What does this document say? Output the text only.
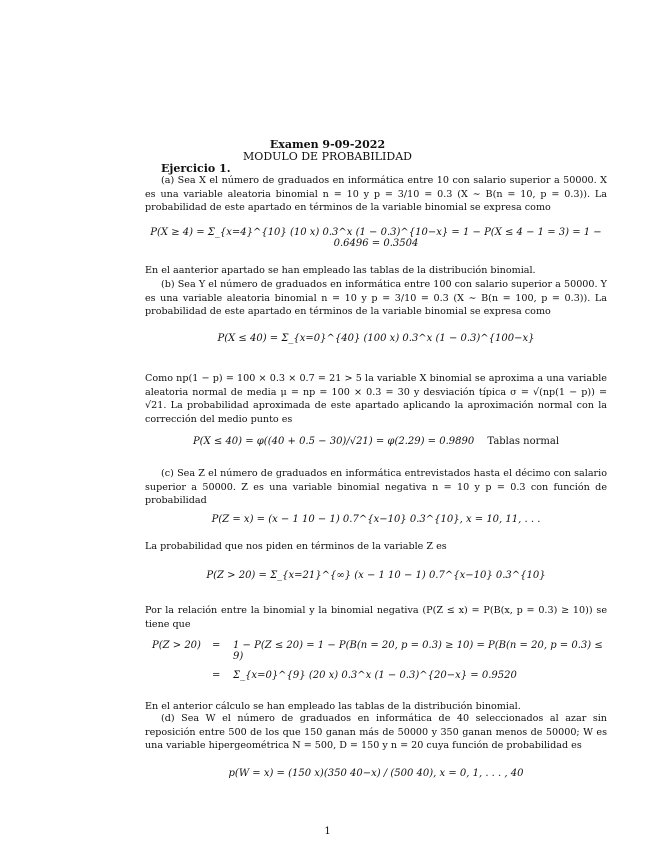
Examen 9-09-2022
MODULO DE PROBABILIDAD
Ejercicio 1.
(a) Sea X el número de graduados en informática entre 10 con salario superior a 50000. X es una variable aleatoria binomial n = 10 y p = 3/10 = 0.3 (X ∼ B(n = 10, p = 0.3)). La probabilidad de este apartado en términos de la variable binomial se expresa como
P(X ≥ 4) = Σ_{x=4}^{10} (10 x) 0.3^x (1 − 0.3)^{10−x} = 1 − P(X ≤ 4 − 1 = 3) = 1 − 0.6496 = 0.3504
En el aanterior apartado se han empleado las tablas de la distribución binomial.
(b) Sea Y el número de graduados en informática entre 100 con salario superior a 50000. Y es una variable aleatoria binomial n = 10 y p = 3/10 = 0.3 (X ∼ B(n = 100, p = 0.3)). La probabilidad de este apartado en términos de la variable binomial se expresa como
P(X ≤ 40) = Σ_{x=0}^{40} (100 x) 0.3^x (1 − 0.3)^{100−x}
Como np(1 − p) = 100 × 0.3 × 0.7 = 21 > 5 la variable X binomial se aproxima a una variable aleatoria normal de media μ = np = 100 × 0.3 = 30 y desviación típica σ = √(np(1 − p)) = √21. La probabilidad aproximada de este apartado aplicando la aproximación normal con la corrección del medio punto es
P(X ≤ 40) = φ((40 + 0.5 − 30)/√21) = φ(2.29) = 0.9890 Tablas normal
(c) Sea Z el número de graduados en informática entrevistados hasta el décimo con salario superior a 50000. Z es una variable binomial negativa n = 10 y p = 0.3 con función de probabilidad
P(Z = x) = (x − 1 10 − 1) 0.7^{x−10} 0.3^{10}, x = 10, 11, . . .
La probabilidad que nos piden en términos de la variable Z es
P(Z > 20) = Σ_{x=21}^{∞} (x − 1 10 − 1) 0.7^{x−10} 0.3^{10}
Por la relación entre la binomial y la binomial negativa (P(Z ≤ x) = P(B(x, p = 0.3) ≥ 10)) se tiene que
P(Z > 20) = 1 − P(Z ≤ 20) = 1 − P(B(n = 20, p = 0.3) ≥ 10) = P(B(n = 20, p = 0.3) ≤ 9)
= Σ_{x=0}^{9} (20 x) 0.3^x (1 − 0.3)^{20−x} = 0.9520
En el anterior cálculo se han empleado las tablas de la distribución binomial.
(d) Sea W el número de graduados en informática de 40 seleccionados al azar sin reposición entre 500 de los que 150 ganan más de 50000 y 350 ganan menos de 50000; W es una variable hipergeométrica N = 500, D = 150 y n = 20 cuya función de probabilidad es
p(W = x) = (150 x)(350 40−x) / (500 40), x = 0, 1, . . . , 40
1
